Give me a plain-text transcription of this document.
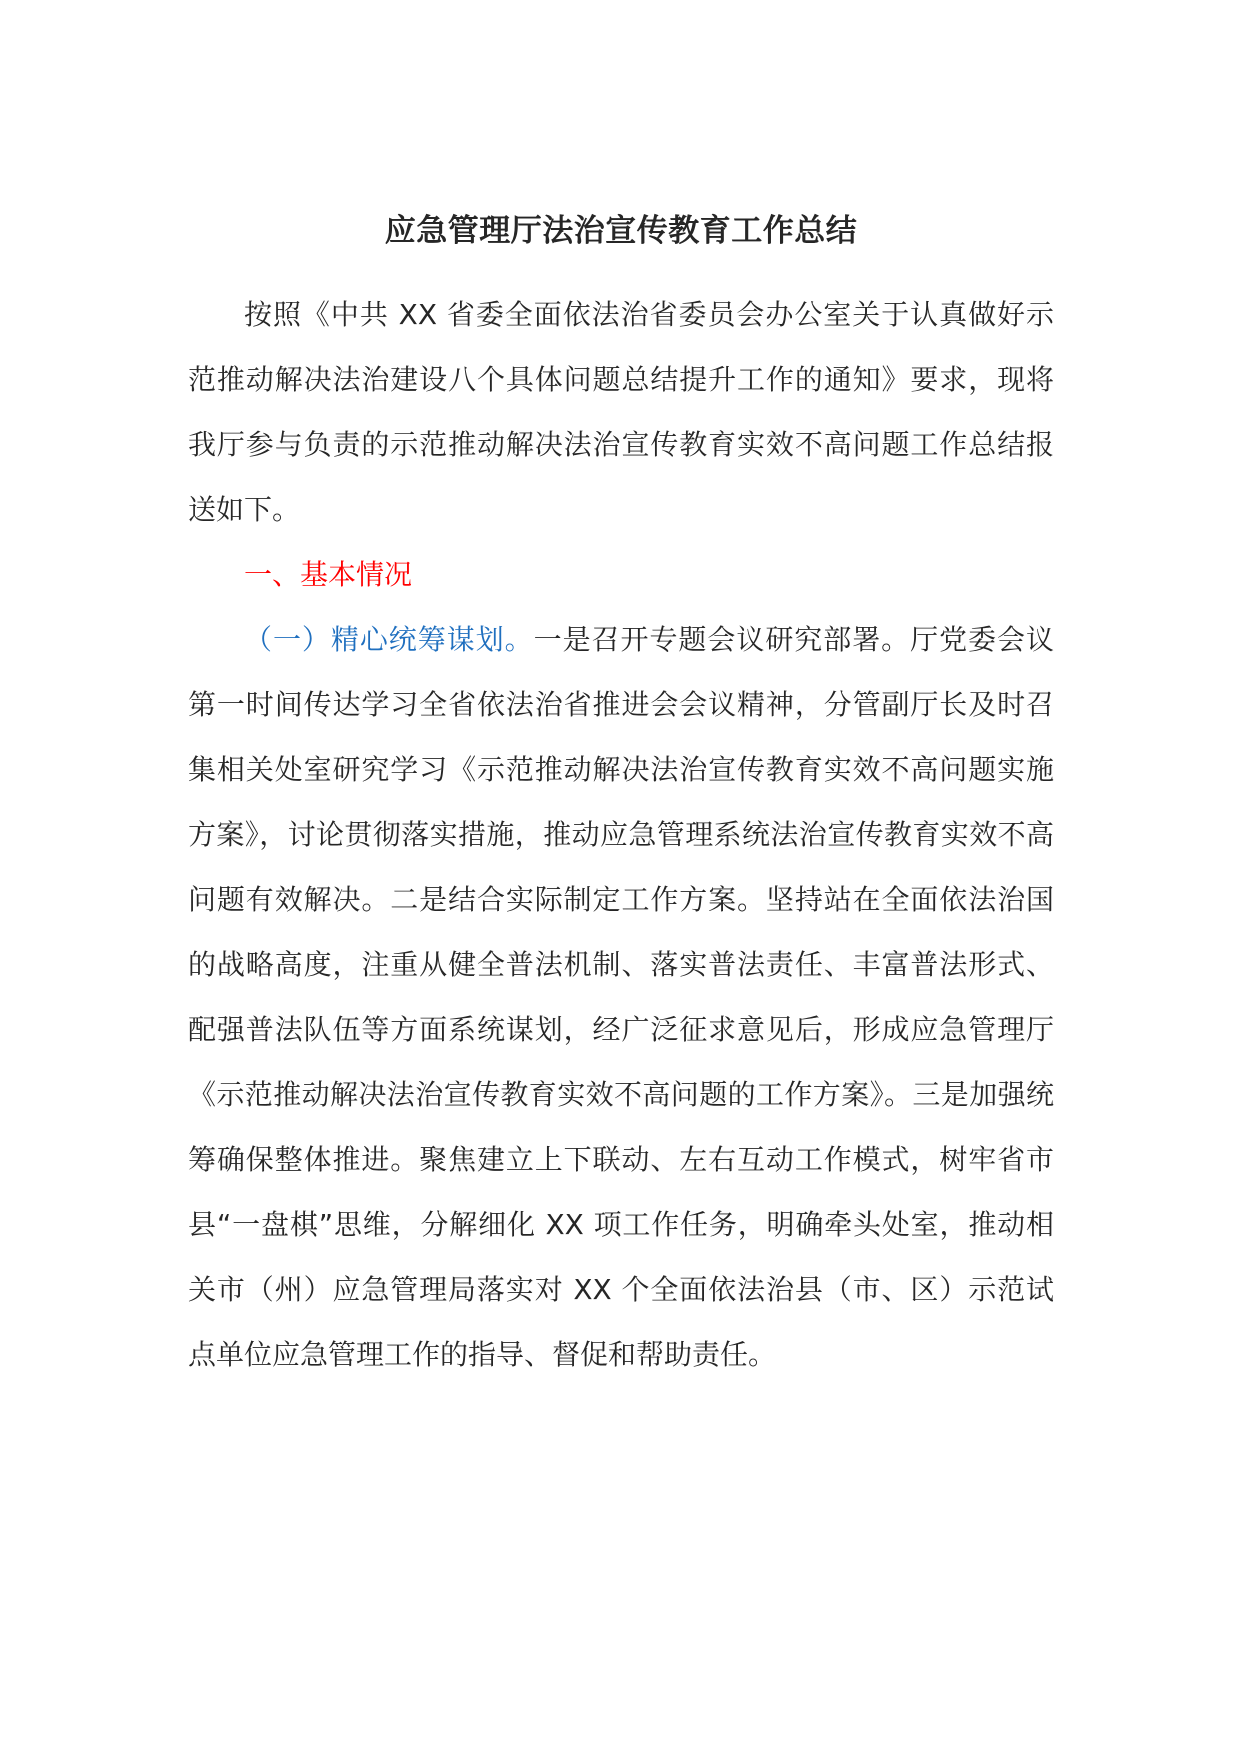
应急管理厅法治宣传教育工作总结

按照《中共 XX 省委全面依法治省委员会办公室关于认真做好示范推动解决法治建设八个具体问题总结提升工作的通知》要求，现将我厅参与负责的示范推动解决法治宣传教育实效不高问题工作总结报送如下。

一、基本情况

（一）精心统筹谋划。一是召开专题会议研究部署。厅党委会议第一时间传达学习全省依法治省推进会会议精神，分管副厅长及时召集相关处室研究学习《示范推动解决法治宣传教育实效不高问题实施方案》，讨论贯彻落实措施，推动应急管理系统法治宣传教育实效不高问题有效解决。二是结合实际制定工作方案。坚持站在全面依法治国的战略高度，注重从健全普法机制、落实普法责任、丰富普法形式、配强普法队伍等方面系统谋划，经广泛征求意见后，形成应急管理厅《示范推动解决法治宣传教育实效不高问题的工作方案》。三是加强统筹确保整体推进。聚焦建立上下联动、左右互动工作模式，树牢省市县“一盘棋”思维，分解细化 XX 项工作任务，明确牵头处室，推动相关市（州）应急管理局落实对 XX 个全面依法治县（市、区）示范试点单位应急管理工作的指导、督促和帮助责任。
